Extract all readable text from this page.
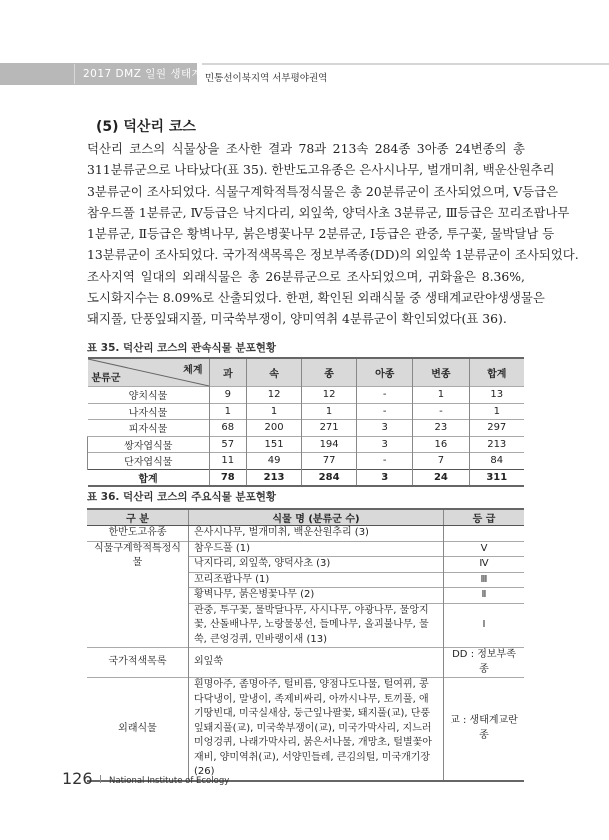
2017 DMZ 일원 생태계 조사
민통선이북지역 서부평야권역
(5) 덕산리 코스
덕산리 코스의 식물상을 조사한 결과 78과 213속 284종 3아종 24변종의 총
311분류군으로 나타났다(표 35). 한반도고유종은 은사시나무, 벌개미취, 백운산원추리
3분류군이 조사되었다. 식물구계학적특정식물은 총 20분류군이 조사되었으며, Ⅴ등급은
참우드풀 1분류군, Ⅳ등급은 낙지다리, 외잎쑥, 양덕사초 3분류군, Ⅲ등급은 꼬리조팝나무
1분류군, Ⅱ등급은 황벽나무, 붉은병꽃나무 2분류군, Ⅰ등급은 관중, 투구꽃, 물박달남 등
13분류군이 조사되었다. 국가적색목록은 정보부족종(DD)의 외잎쑥 1분류군이 조사되었다.
조사지역 일대의 외래식물은 총 26분류군으로 조사되었으며, 귀화율은 8.36%,
도시화지수는 8.09%로 산출되었다. 한편, 확인된 외래식물 중 생태계교란야생생물은
돼지풀, 단풍잎돼지풀, 미국쑥부쟁이, 양미역취 4분류군이 확인되었다(표 36).
표 35. 덕산리 코스의 관속식물 분포현황
체계
분류군	과	속	종	아종	변종	합계
양치식물	9	12	12	-	1	13
나자식물	1	1	1	-	-	1
피자식물	68	200	271	3	23	297
쌍자엽식물	57	151	194	3	16	213
단자엽식물	11	49	77	-	7	84
합계	78	213	284	3	24	311
표 36. 덕산리 코스의 주요식물 분포현황
구 분	식물 명 (분류군 수)	등 급
한반도고유종	은사시나무, 벌개미취, 백운산원추리 (3)	
식물구계학적특정식물	참우드풀 (1)	Ⅴ
	낙지다리, 외잎쑥, 양덕사초 (3)	Ⅳ
	꼬리조팝나무 (1)	Ⅲ
	황벽나무, 붉은병꽃나무 (2)	Ⅱ
	관중, 투구꽃, 물박달나무, 사시나무, 야광나무, 물앙지꽃, 산돌배나무, 노랑물봉선, 들메나무, 올괴불나무, 물쑥, 큰엉겅퀴, 민바랭이새 (13)	Ⅰ
국가적색목록	외잎쑥	DD : 정보부족종
외래식물	흰명아주, 좀명아주, 털비름, 양점나도나물, 털여뀌, 콩다닥냉이, 말냉이, 족제비싸리, 아까시나무, 토끼풀, 애기땅빈대, 미국실새삼, 둥근잎나팔꽃, 돼지풀(교), 단풍잎돼지풀(교), 미국쑥부쟁이(교), 미국가막사리, 지느러미엉겅퀴, 나래가막사리, 붉은서나물, 개망초, 털별꽃아재비, 양미역취(교), 서양민들레, 큰김의털, 미국개기장 (26)	교 : 생태계교란종
126	National Institute of Ecology
